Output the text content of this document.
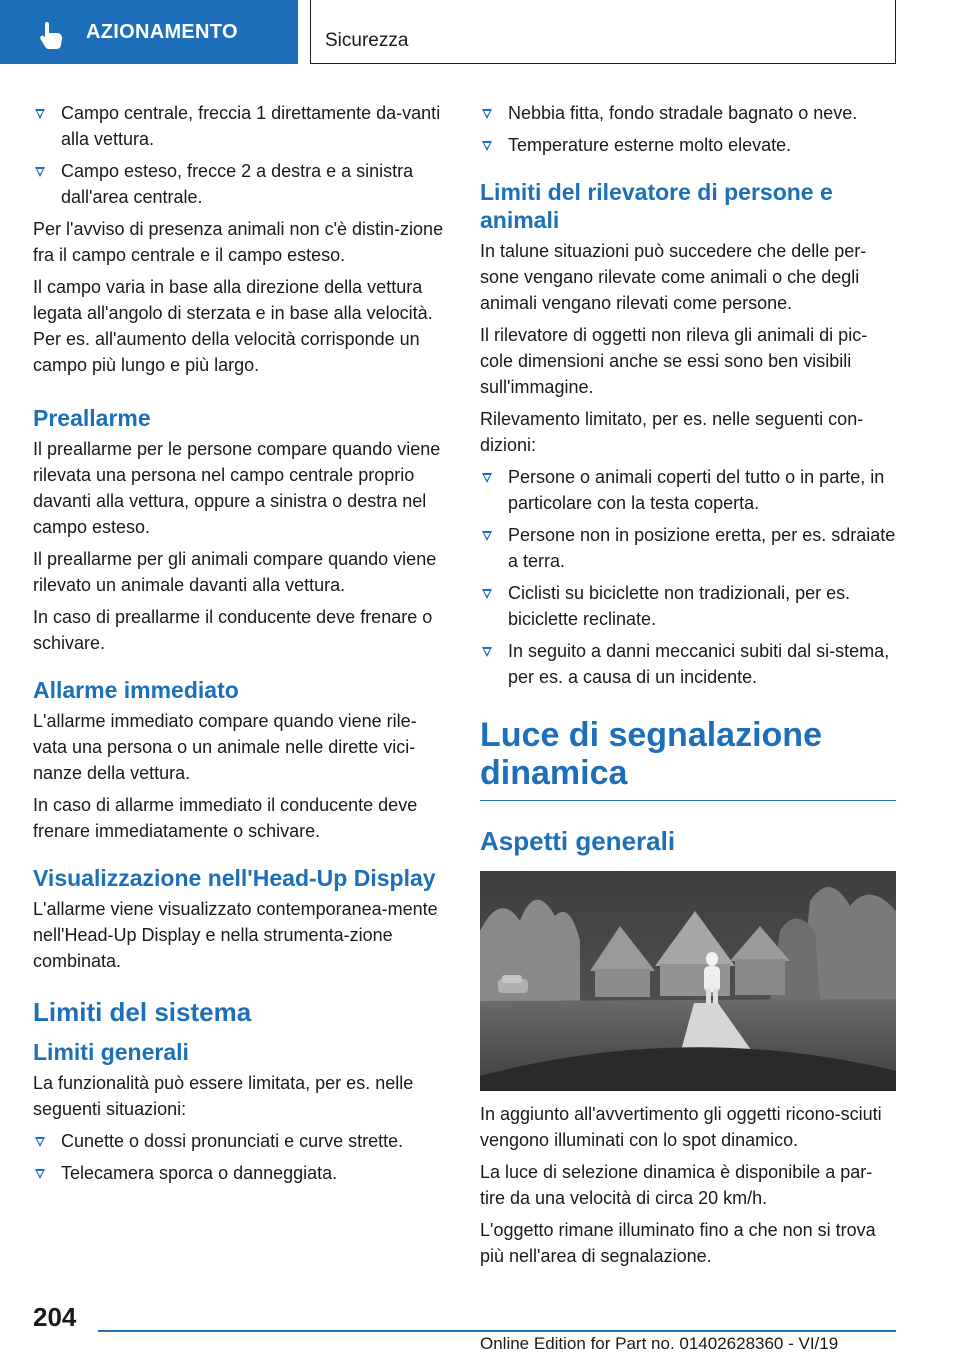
AZIONAMENTO	Sicurezza
Campo centrale, freccia 1 direttamente da-vanti alla vettura.
Campo esteso, frecce 2 a destra e a sinistra dall'area centrale.
Per l'avviso di presenza animali non c'è distin-zione fra il campo centrale e il campo esteso.
Il campo varia in base alla direzione della vettura legata all'angolo di sterzata e in base alla velocità. Per es. all'aumento della velocità corrisponde un campo più lungo e più largo.
Preallarme
Il preallarme per le persone compare quando viene rilevata una persona nel campo centrale proprio davanti alla vettura, oppure a sinistra o destra nel campo esteso.
Il preallarme per gli animali compare quando viene rilevato un animale davanti alla vettura.
In caso di preallarme il conducente deve frenare o schivare.
Allarme immediato
L'allarme immediato compare quando viene rile-vata una persona o un animale nelle dirette vici-nanze della vettura.
In caso di allarme immediato il conducente deve frenare immediatamente o schivare.
Visualizzazione nell'Head-Up Display
L'allarme viene visualizzato contemporanea-mente nell'Head-Up Display e nella strumenta-zione combinata.
Limiti del sistema
Limiti generali
La funzionalità può essere limitata, per es. nelle seguenti situazioni:
Cunette o dossi pronunciati e curve strette.
Telecamera sporca o danneggiata.
Nebbia fitta, fondo stradale bagnato o neve.
Temperature esterne molto elevate.
Limiti del rilevatore di persone e animali
In talune situazioni può succedere che delle per-sone vengano rilevate come animali o che degli animali vengano rilevati come persone.
Il rilevatore di oggetti non rileva gli animali di pic-cole dimensioni anche se essi sono ben visibili sull'immagine.
Rilevamento limitato, per es. nelle seguenti con-dizioni:
Persone o animali coperti del tutto o in parte, in particolare con la testa coperta.
Persone non in posizione eretta, per es. sdraiate a terra.
Ciclisti su biciclette non tradizionali, per es. biciclette reclinate.
In seguito a danni meccanici subiti dal si-stema, per es. a causa di un incidente.
Luce di segnalazione dinamica
Aspetti generali
In aggiunto all'avvertimento gli oggetti ricono-sciuti vengono illuminati con lo spot dinamico.
La luce di selezione dinamica è disponibile a par-tire da una velocità di circa 20 km/h.
L'oggetto rimane illuminato fino a che non si trova più nell'area di segnalazione.
204
Online Edition for Part no. 01402628360 - VI/19
